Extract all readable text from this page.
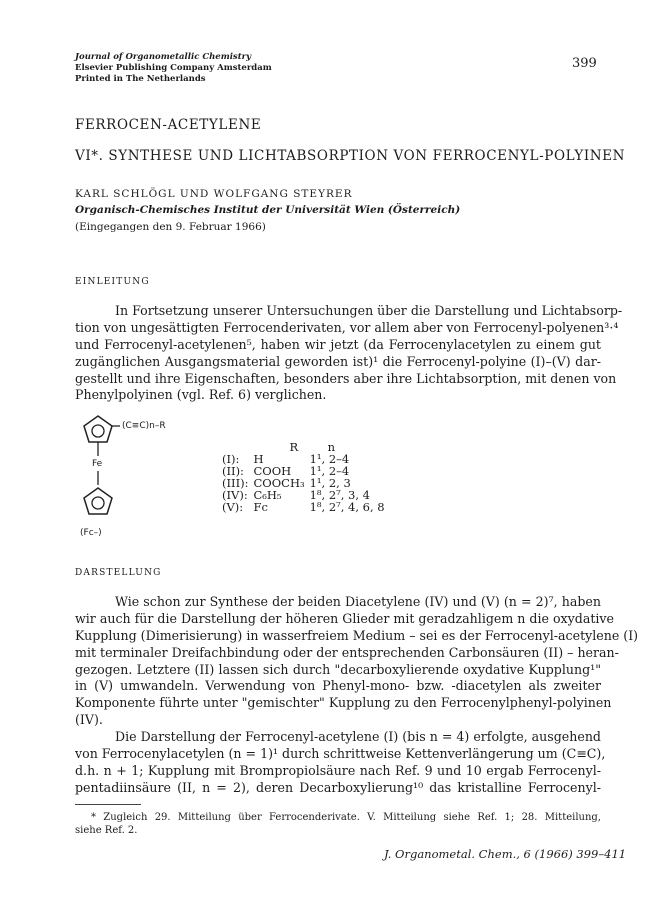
Journal of Organometallic Chemistry
Elsevier Publishing Company Amsterdam
Printed in The Netherlands
399
FERROCEN-ACETYLENE
VI*. SYNTHESE UND LICHTABSORPTION VON FERROCENYL-POLYINEN
KARL SCHLÖGL UND WOLFGANG STEYRER
Organisch-Chemisches Institut der Universität Wien (Österreich)
(Eingegangen den 9. Februar 1966)
EINLEITUNG
In Fortsetzung unserer Untersuchungen über die Darstellung und Lichtabsorp-
tion von ungesättigten Ferrocenderivaten, vor allem aber von Ferrocenyl-polyenen³·⁴
und Ferrocenyl-acetylenen⁵, haben wir jetzt (da Ferrocenylacetylen zu einem gut
zugänglichen Ausgangsmaterial geworden ist)¹ die Ferrocenyl-polyine (I)–(V) dar-
gestellt und ihre Eigenschaften, besonders aber ihre Lichtabsorption, mit denen von
Phenylpolyinen (vgl. Ref. 6) verglichen.
(C≡C)n–R
Fe
(Fc–)
	R	n
(I):	H	1¹, 2–4
(II):	COOH	1¹, 2–4
(III):	COOCH₃	1¹, 2, 3
(IV):	C₆H₅	1⁸, 2⁷, 3, 4
(V):	Fc	1⁸, 2⁷, 4, 6, 8
DARSTELLUNG
Wie schon zur Synthese der beiden Diacetylene (IV) und (V) (n = 2)⁷, haben
wir auch für die Darstellung der höheren Glieder mit geradzahligem n die oxydative
Kupplung (Dimerisierung) in wasserfreiem Medium – sei es der Ferrocenyl-acetylene (I)
mit terminaler Dreifachbindung oder der entsprechenden Carbonsäuren (II) – heran-
gezogen. Letztere (II) lassen sich durch "decarboxylierende oxydative Kupplung¹"
in (V) umwandeln. Verwendung von Phenyl-mono- bzw. -diacetylen als zweiter
Komponente führte unter "gemischter" Kupplung zu den Ferrocenylphenyl-polyinen
(IV).
Die Darstellung der Ferrocenyl-acetylene (I) (bis n = 4) erfolgte, ausgehend
von Ferrocenylacetylen (n = 1)¹ durch schrittweise Kettenverlängerung um (C≡C),
d.h. n + 1; Kupplung mit Brompropiolsäure nach Ref. 9 und 10 ergab Ferrocenyl-
pentadiinsäure (II, n = 2), deren Decarboxylierung¹⁰ das kristalline Ferrocenyl-
* Zugleich 29. Mitteilung über Ferrocenderivate. V. Mitteilung siehe Ref. 1; 28. Mitteilung,
siehe Ref. 2.
J. Organometal. Chem., 6 (1966) 399–411
